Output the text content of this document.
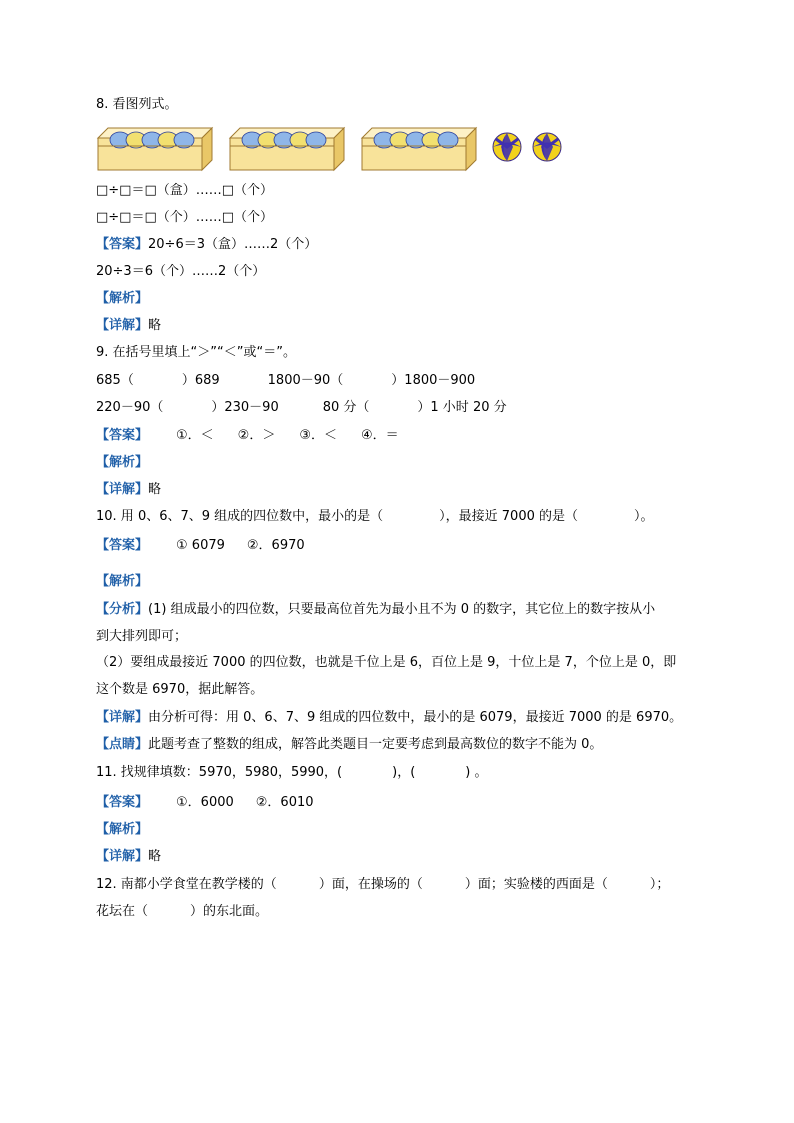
8. 看图列式。
□÷□＝□（盒）……□（个）
□÷□＝□（个）……□（个）
【答案】20÷6＝3（盒）……2（个）
20÷3＝6（个）……2（个）
【解析】
【详解】略
9. 在括号里填上“＞”“＜”或“＝”。
685（	）689	1800－90（	）1800－900
220－90（	）230－90	80 分（	）1 小时 20 分
【答案】 ①．＜ ②．＞ ③．＜ ④．＝
【解析】
【详解】略
10. 用 0、6、7、9 组成的四位数中，最小的是（	），最接近 7000 的是（	）。
【答案】 ① 6079 ②．6970
【解析】
【分析】(1) 组成最小的四位数，只要最高位首先为最小且不为 0 的数字，其它位上的数字按从小
到大排列即可；
（2）要组成最接近 7000 的四位数，也就是千位上是 6，百位上是 9，十位上是 7，个位上是 0，即
这个数是 6970，据此解答。
【详解】由分析可得：用 0、6、7、9 组成的四位数中，最小的是 6079，最接近 7000 的是 6970。
【点睛】此题考查了整数的组成，解答此类题目一定要考虑到最高数位的数字不能为 0。
11. 找规律填数：5970，5980，5990，(	)，(	) 。
【答案】 ①．6000 ②．6010
【解析】
【详解】略
12. 南都小学食堂在教学楼的（	）面，在操场的（	）面；实验楼的西面是（	）；
花坛在（	）的东北面。
